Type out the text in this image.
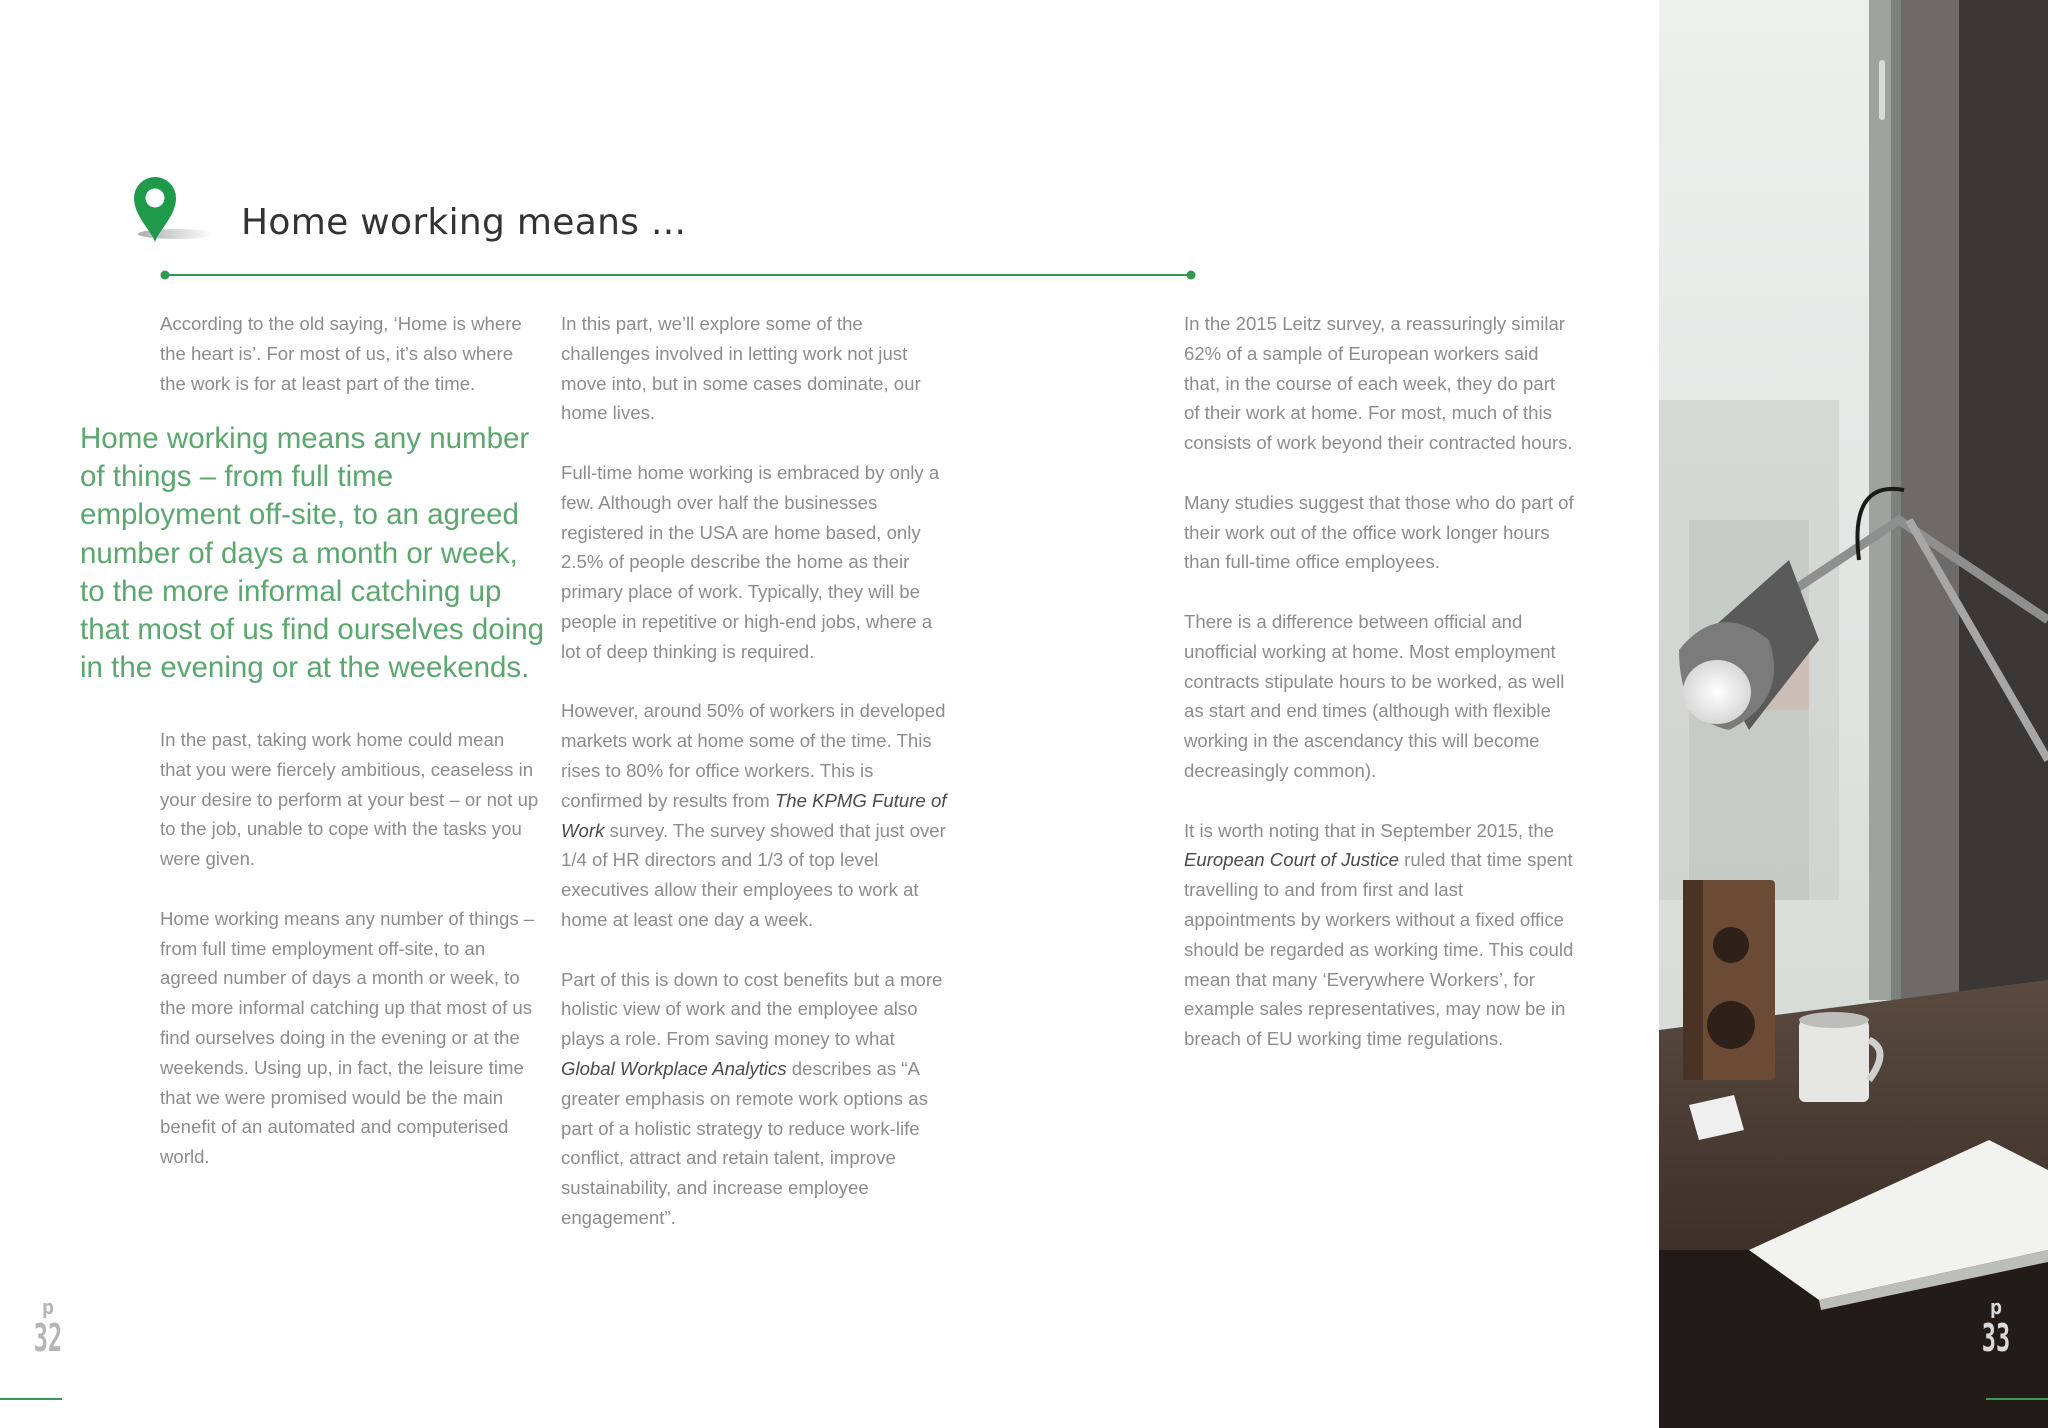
Home working means ...

According to the old saying, ‘Home is where the heart is’. For most of us, it’s also where the work is for at least part of the time.

Home working means any number of things – from full time employment off-site, to an agreed number of days a month or week, to the more informal catching up that most of us find ourselves doing in the evening or at the weekends.

In the past, taking work home could mean that you were fiercely ambitious, ceaseless in your desire to perform at your best – or not up to the job, unable to cope with the tasks you were given.

Home working means any number of things – from full time employment off-site, to an agreed number of days a month or week, to the more informal catching up that most of us find ourselves doing in the evening or at the weekends. Using up, in fact, the leisure time that we were promised would be the main benefit of an automated and computerised world.

In this part, we’ll explore some of the challenges involved in letting work not just move into, but in some cases dominate, our home lives.

Full-time home working is embraced by only a few. Although over half the businesses registered in the USA are home based, only 2.5% of people describe the home as their primary place of work. Typically, they will be people in repetitive or high-end jobs, where a lot of deep thinking is required.

However, around 50% of workers in developed markets work at home some of the time. This rises to 80% for office workers. This is confirmed by results from The KPMG Future of Work survey. The survey showed that just over 1/4 of HR directors and 1/3 of top level executives allow their employees to work at home at least one day a week.

Part of this is down to cost benefits but a more holistic view of work and the employee also plays a role. From saving money to what Global Workplace Analytics describes as “A greater emphasis on remote work options as part of a holistic strategy to reduce work-life conflict, attract and retain talent, improve sustainability, and increase employee engagement”.

In the 2015 Leitz survey, a reassuringly similar 62% of a sample of European workers said that, in the course of each week, they do part of their work at home. For most, much of this consists of work beyond their contracted hours.

Many studies suggest that those who do part of their work out of the office work longer hours than full-time office employees.

There is a difference between official and unofficial working at home. Most employment contracts stipulate hours to be worked, as well as start and end times (although with flexible working in the ascendancy this will become decreasingly common).

It is worth noting that in September 2015, the European Court of Justice ruled that time spent travelling to and from first and last appointments by workers without a fixed office should be regarded as working time. This could mean that many ‘Everywhere Workers’, for example sales representatives, may now be in breach of EU working time regulations.

p
32
p
33
